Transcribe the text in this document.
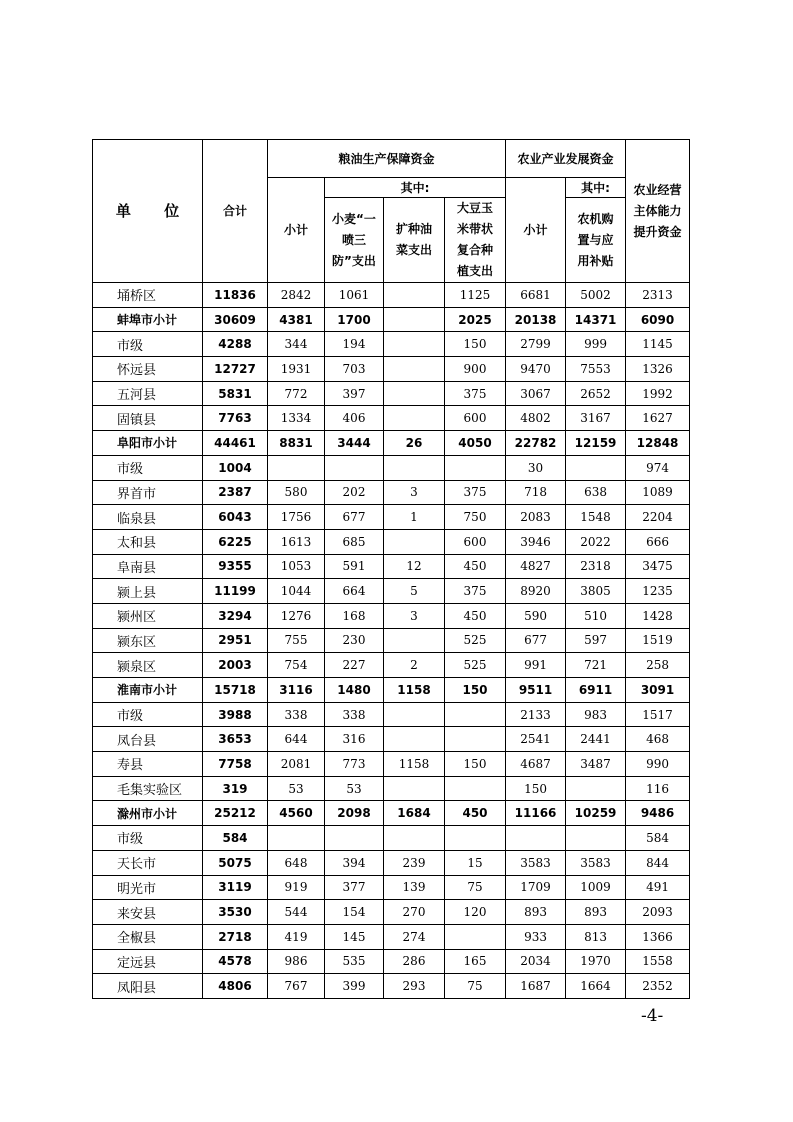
单 位	合计	粮油生产保障资金				农业产业发展资金		农业经营主体能力提升资金
		小计	其中:			小计	其中:	
			小麦“一喷三防”支出	扩种油菜支出	大豆玉米带状复合种植支出		农机购置与应用补贴	
埇桥区	11836	2842	1061		1125	6681	5002	2313
蚌埠市小计	30609	4381	1700		2025	20138	14371	6090
市级	4288	344	194		150	2799	999	1145
怀远县	12727	1931	703		900	9470	7553	1326
五河县	5831	772	397		375	3067	2652	1992
固镇县	7763	1334	406		600	4802	3167	1627
阜阳市小计	44461	8831	3444	26	4050	22782	12159	12848
市级	1004					30		974
界首市	2387	580	202	3	375	718	638	1089
临泉县	6043	1756	677	1	750	2083	1548	2204
太和县	6225	1613	685		600	3946	2022	666
阜南县	9355	1053	591	12	450	4827	2318	3475
颍上县	11199	1044	664	5	375	8920	3805	1235
颍州区	3294	1276	168	3	450	590	510	1428
颍东区	2951	755	230		525	677	597	1519
颍泉区	2003	754	227	2	525	991	721	258
淮南市小计	15718	3116	1480	1158	150	9511	6911	3091
市级	3988	338	338			2133	983	1517
凤台县	3653	644	316			2541	2441	468
寿县	7758	2081	773	1158	150	4687	3487	990
毛集实验区	319	53	53			150		116
滁州市小计	25212	4560	2098	1684	450	11166	10259	9486
市级	584							584
天长市	5075	648	394	239	15	3583	3583	844
明光市	3119	919	377	139	75	1709	1009	491
来安县	3530	544	154	270	120	893	893	2093
全椒县	2718	419	145	274		933	813	1366
定远县	4578	986	535	286	165	2034	1970	1558
凤阳县	4806	767	399	293	75	1687	1664	2352
-4-
